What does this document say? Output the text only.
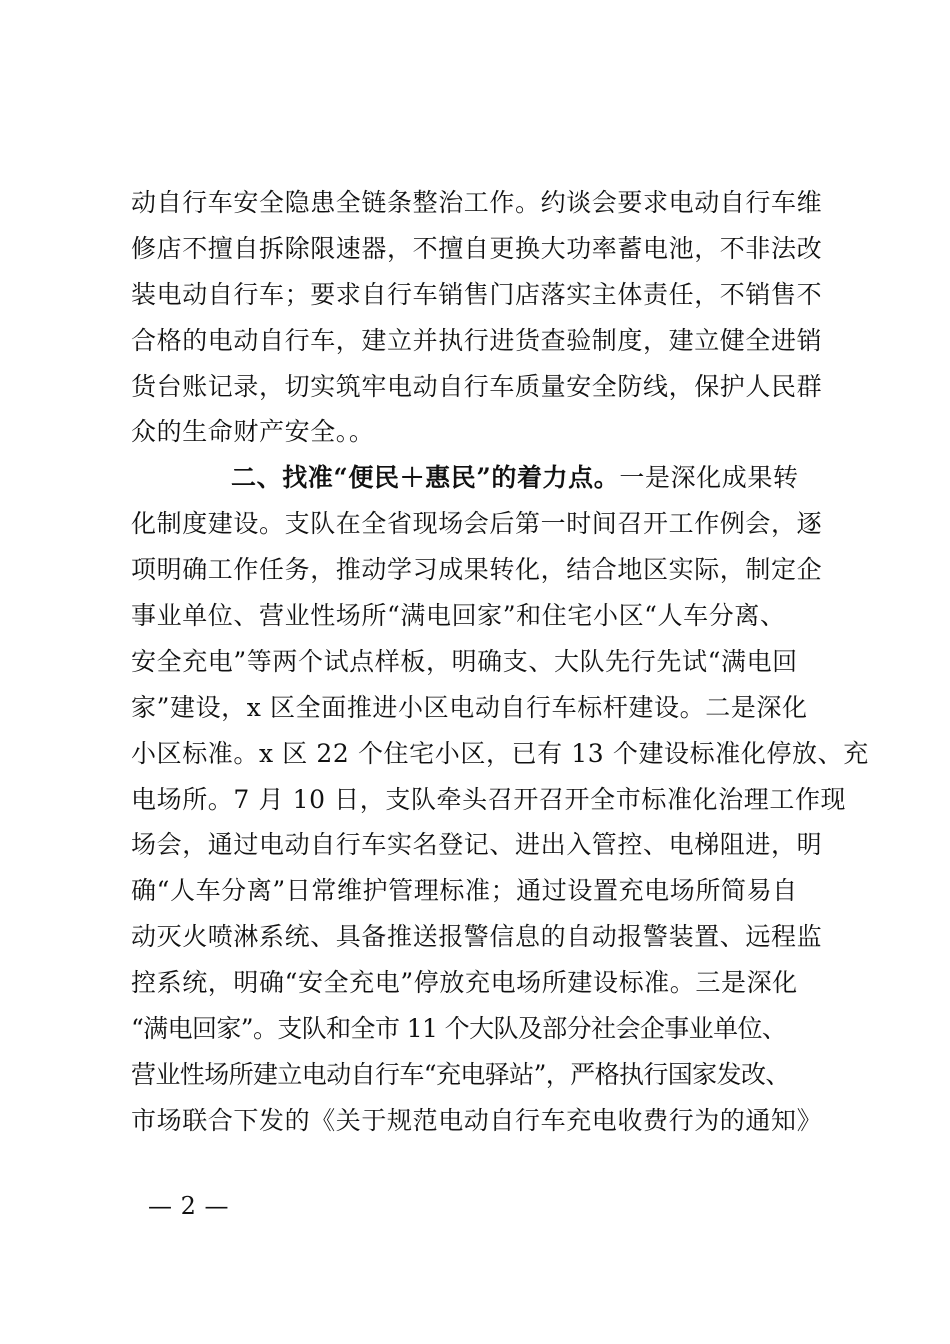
动自行车安全隐患全链条整治工作。约谈会要求电动自行车维
修店不擅自拆除限速器，不擅自更换大功率蓄电池，不非法改
装电动自行车；要求自行车销售门店落实主体责任，不销售不
合格的电动自行车，建立并执行进货查验制度，建立健全进销
货台账记录，切实筑牢电动自行车质量安全防线，保护人民群
众的生命财产安全。。
二、找准“便民＋惠民”的着力点。一是深化成果转
化制度建设。支队在全省现场会后第一时间召开工作例会，逐
项明确工作任务，推动学习成果转化，结合地区实际，制定企
事业单位、营业性场所“满电回家”和住宅小区“人车分离、
安全充电”等两个试点样板，明确支、大队先行先试“满电回
家”建设，x 区全面推进小区电动自行车标杆建设。二是深化
小区标准。x 区 22 个住宅小区，已有 13 个建设标准化停放、充
电场所。7 月 10 日，支队牵头召开召开全市标准化治理工作现
场会，通过电动自行车实名登记、进出入管控、电梯阻进，明
确“人车分离”日常维护管理标准；通过设置充电场所简易自
动灭火喷淋系统、具备推送报警信息的自动报警装置、远程监
控系统，明确“安全充电”停放充电场所建设标准。三是深化
“满电回家”。支队和全市 11 个大队及部分社会企事业单位、
营业性场所建立电动自行车“充电驿站”，严格执行国家发改、
市场联合下发的《关于规范电动自行车充电收费行为的通知》
— 2 —
